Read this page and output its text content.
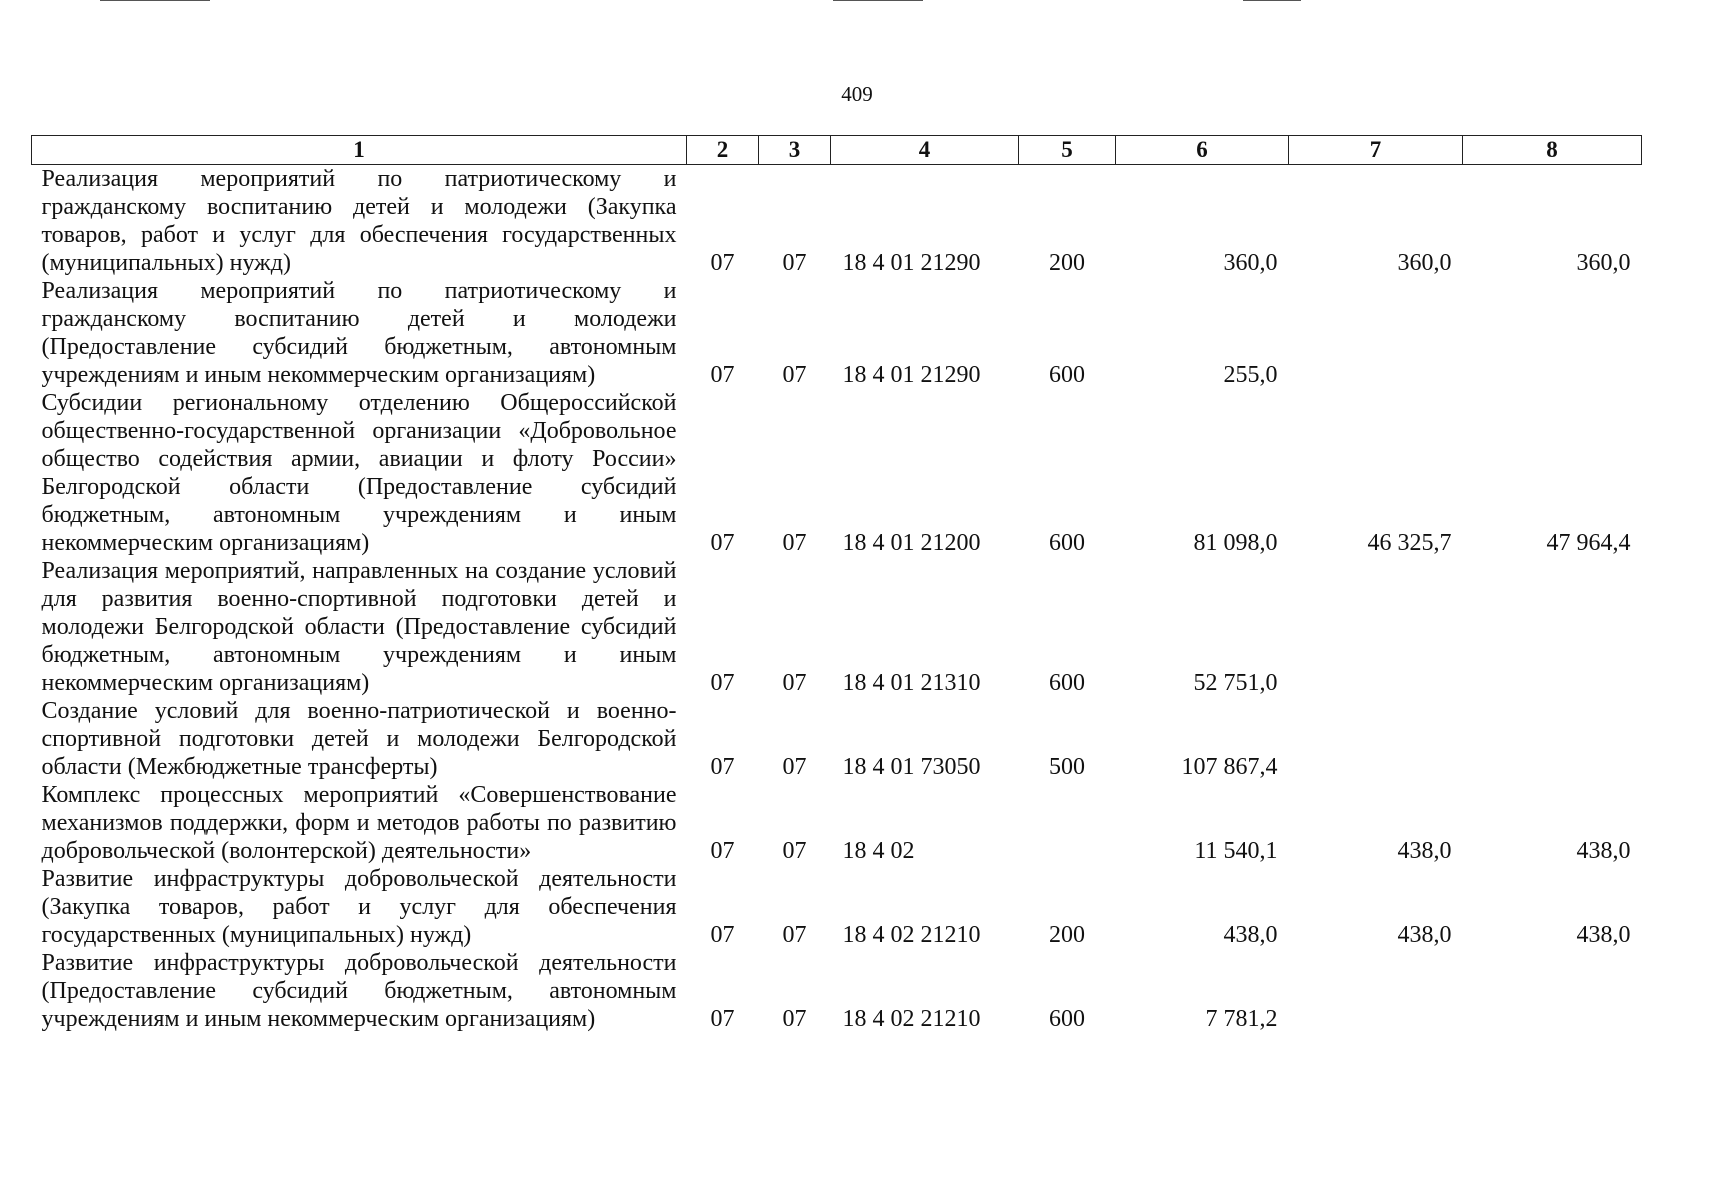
409
1	2	3	4	5	6	7	8
Реализация мероприятий по патриотическому и гражданскому воспитанию детей и молодежи (Закупка товаров, работ и услуг для обеспечения государственных (муниципальных) нужд)	07	07	18 4 01 21290	200	360,0	360,0	360,0
Реализация мероприятий по патриотическому и гражданскому воспитанию детей и молодежи (Предоставление субсидий бюджетным, автономным учреждениям и иным некоммерческим организациям)	07	07	18 4 01 21290	600	255,0		
Субсидии региональному отделению Общероссийской общественно-государственной организации «Добровольное общество содействия армии, авиации и флоту России» Белгородской области (Предоставление субсидий бюджетным, автономным учреждениям и иным некоммерческим организациям)	07	07	18 4 01 21200	600	81 098,0	46 325,7	47 964,4
Реализация мероприятий, направленных на создание условий для развития военно-спортивной подготовки детей и молодежи Белгородской области (Предоставление субсидий бюджетным, автономным учреждениям и иным некоммерческим организациям)	07	07	18 4 01 21310	600	52 751,0		
Создание условий для военно-патриотической и военно-спортивной подготовки детей и молодежи Белгородской области (Межбюджетные трансферты)	07	07	18 4 01 73050	500	107 867,4		
Комплекс процессных мероприятий «Совершенствование механизмов поддержки, форм и методов работы по развитию добровольческой (волонтерской) деятельности»	07	07	18 4 02		11 540,1	438,0	438,0
Развитие инфраструктуры добровольческой деятельности (Закупка товаров, работ и услуг для обеспечения государственных (муниципальных) нужд)	07	07	18 4 02 21210	200	438,0	438,0	438,0
Развитие инфраструктуры добровольческой деятельности (Предоставление субсидий бюджетным, автономным учреждениям и иным некоммерческим организациям)	07	07	18 4 02 21210	600	7 781,2		
